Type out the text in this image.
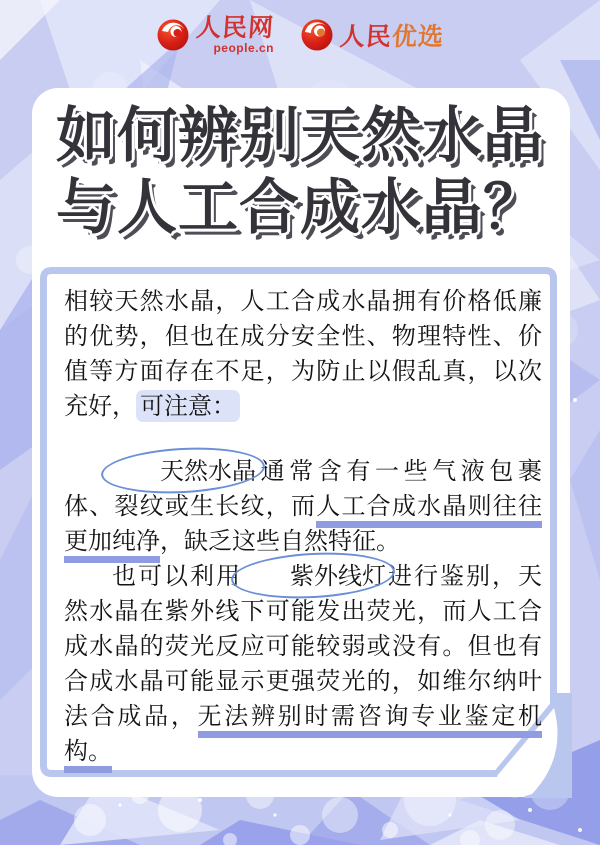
人民网
people.cn	人民优选
如何辨别天然水晶
与人工合成水晶？

相较天然水晶，人工合成水晶拥有价格低廉的优势，但也在成分安全性、物理特性、价值等方面存在不足，为防止以假乱真，以次充好， 可注意：

天然水晶通常含有一些气液包裹体、裂纹或生长纹，而人工合成水晶则往往更加纯净，缺乏这些自然特征。

也可以利用 紫外线灯进行鉴别，天然水晶在紫外线下可能发出荧光，而人工合成水晶的荧光反应可能较弱或没有。但也有合成水晶可能显示更强荧光的，如维尔纳叶法合成品，无法辨别时需咨询专业鉴定机构。
